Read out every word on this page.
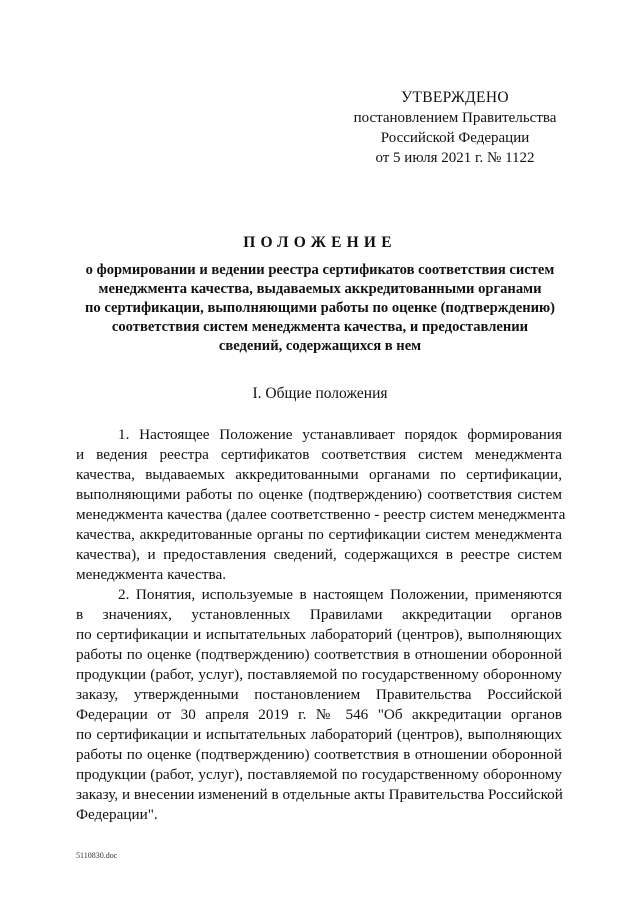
УТВЕРЖДЕНО
постановлением Правительства
Российской Федерации
от 5 июля 2021 г. № 1122
ПОЛОЖЕНИЕ
о формировании и ведении реестра сертификатов соответствия систем
менеджмента качества, выдаваемых аккредитованными органами
по сертификации, выполняющими работы по оценке (подтверждению)
соответствия систем менеджмента качества, и предоставлении
сведений, содержащихся в нем
I. Общие положения
1. Настоящее Положение устанавливает порядок формирования
и ведения реестра сертификатов соответствия систем менеджмента
качества, выдаваемых аккредитованными органами по сертификации,
выполняющими работы по оценке (подтверждению) соответствия систем
менеджмента качества (далее соответственно - реестр систем менеджмента
качества, аккредитованные органы по сертификации систем менеджмента
качества), и предоставления сведений, содержащихся в реестре систем
менеджмента качества.
2. Понятия, используемые в настоящем Положении, применяются
в значениях, установленных Правилами аккредитации органов
по сертификации и испытательных лабораторий (центров), выполняющих
работы по оценке (подтверждению) соответствия в отношении оборонной
продукции (работ, услуг), поставляемой по государственному оборонному
заказу, утвержденными постановлением Правительства Российской
Федерации от 30 апреля 2019 г. № 546 "Об аккредитации органов
по сертификации и испытательных лабораторий (центров), выполняющих
работы по оценке (подтверждению) соответствия в отношении оборонной
продукции (работ, услуг), поставляемой по государственному оборонному
заказу, и внесении изменений в отдельные акты Правительства Российской
Федерации".
5110830.doc
